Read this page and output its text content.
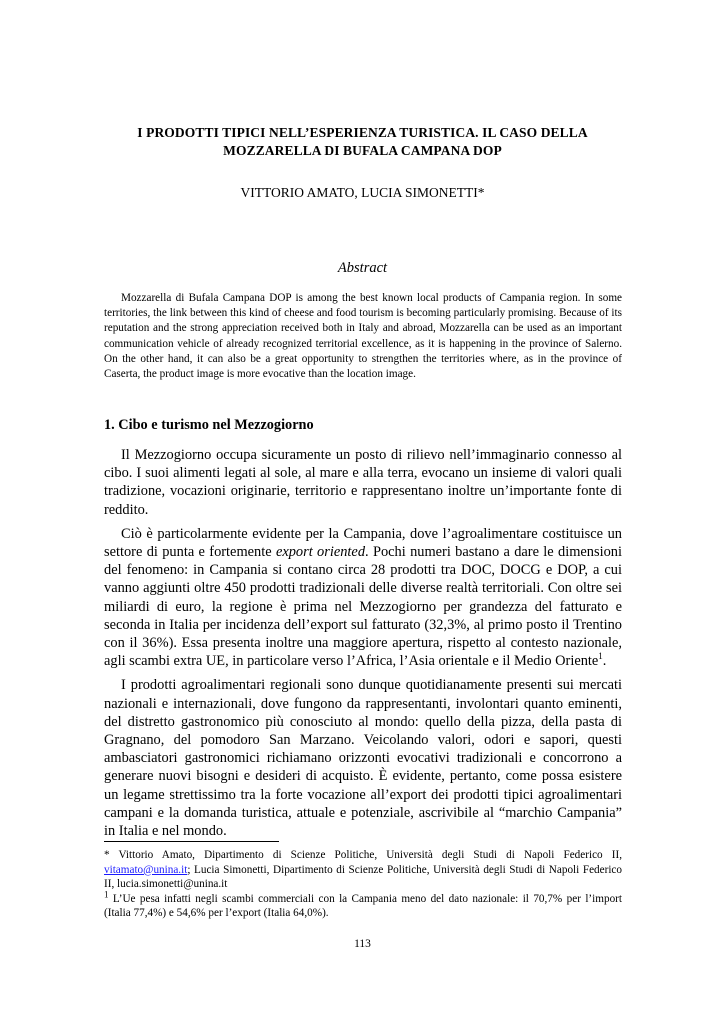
I PRODOTTI TIPICI NELL’ESPERIENZA TURISTICA. IL CASO DELLA
MOZZARELLA DI BUFALA CAMPANA DOP
VITTORIO AMATO, LUCIA SIMONETTI*
Abstract
Mozzarella di Bufala Campana DOP is among the best known local products of Campania region. In some territories, the link between this kind of cheese and food tourism is becoming particularly promising. Because of its reputation and the strong appreciation received both in Italy and abroad, Mozzarella can be used as an important communication vehicle of already recognized territorial excellence, as it is happening in the province of Salerno. On the other hand, it can also be a great opportunity to strengthen the territories where, as in the province of Caserta, the product image is more evocative than the location image.
1. Cibo e turismo nel Mezzogiorno

Il Mezzogiorno occupa sicuramente un posto di rilievo nell’immaginario connesso al cibo. I suoi alimenti legati al sole, al mare e alla terra, evocano un insieme di valori quali tradizione, vocazioni originarie, territorio e rappresentano inoltre un’importante fonte di reddito.

Ciò è particolarmente evidente per la Campania, dove l’agroalimentare costituisce un settore di punta e fortemente export oriented. Pochi numeri bastano a dare le dimensioni del fenomeno: in Campania si contano circa 28 prodotti tra DOC, DOCG e DOP, a cui vanno aggiunti oltre 450 prodotti tradizionali delle diverse realtà territoriali. Con oltre sei miliardi di euro, la regione è prima nel Mezzogiorno per grandezza del fatturato e seconda in Italia per incidenza dell’export sul fatturato (32,3%, al primo posto il Trentino con il 36%). Essa presenta inoltre una maggiore apertura, rispetto al contesto nazionale, agli scambi extra UE, in particolare verso l’Africa, l’Asia orientale e il Medio Oriente$^1$.

I prodotti agroalimentari regionali sono dunque quotidianamente presenti sui mercati nazionali e internazionali, dove fungono da rappresentanti, involontari quanto eminenti, del distretto gastronomico più conosciuto al mondo: quello della pizza, della pasta di Gragnano, del pomodoro San Marzano. Veicolando valori, odori e sapori, questi ambasciatori gastronomici richiamano orizzonti evocativi tradizionali e concorrono a generare nuovi bisogni e desideri di acquisto. È evidente, pertanto, come possa esistere un legame strettissimo tra la forte vocazione all’export dei prodotti tipici agroalimentari campani e la domanda turistica, attuale e potenziale, ascrivibile al “marchio Campania” in Italia e nel mondo.

* Vittorio Amato, Dipartimento di Scienze Politiche, Università degli Studi di Napoli Federico II, vitamato@unina.it; Lucia Simonetti, Dipartimento di Scienze Politiche, Università degli Studi di Napoli Federico II, lucia.simonetti@unina.it

$^1$ L’Ue pesa infatti negli scambi commerciali con la Campania meno del dato nazionale: il 70,7% per l’import (Italia 77,4%) e 54,6% per l’export (Italia 64,0%).

113
